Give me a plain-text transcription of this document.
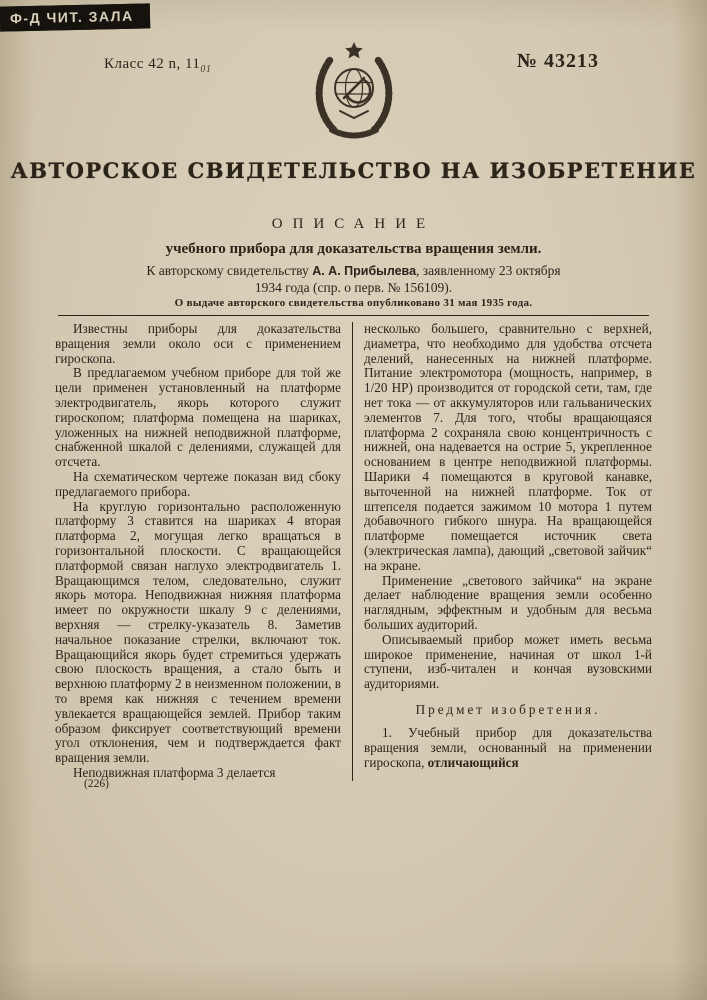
Ф-Д ЧИТ. ЗАЛА
Класс 42 n, $11_{01}$	№ 43213
АВТОРСКОЕ СВИДЕТЕЛЬСТВО НА ИЗОБРЕТЕНИЕ
ОПИСАНИЕ
учебного прибора для доказательства вращения земли.
К авторскому свидетельству А. А. Прибылева, заявленному 23 октября
1934 года (спр. о перв. № 156109).
О выдаче авторского свидетельства опубликовано 31 мая 1935 года.

Известны приборы для доказательства вращения земли около оси с применением гироскопа.

В предлагаемом учебном приборе для той же цели применен установленный на платформе электродвигатель, якорь которого служит гироскопом; платформа помещена на шариках, уложенных на нижней неподвижной платформе, снабженной шкалой с делениями, служащей для отсчета.

На схематическом чертеже показан вид сбоку предлагаемого прибора.

На круглую горизонтально расположенную платформу 3 ставится на шариках 4 вторая платформа 2, могущая легко вращаться в горизонтальной плоскости. С вращающейся платформой связан наглухо электродвигатель 1. Вращающимся телом, следовательно, служит якорь мотора. Неподвижная нижняя платформа имеет по окружности шкалу 9 с делениями, верхняя — стрелку-указатель 8. Заметив начальное показание стрелки, включают ток. Вращающийся якорь будет стремиться удержать свою плоскость вращения, а стало быть и верхнюю платформу 2 в неизменном положении, в то время как нижняя с течением времени увлекается вращающейся землей. Прибор таким образом фиксирует соответствующий времени угол отклонения, чем и подтверждается факт вращения земли.

Неподвижная платформа 3 делается

несколько большего, сравнительно с верхней, диаметра, что необходимо для удобства отсчета делений, нанесенных на нижней платформе. Питание электромотора (мощность, например, в 1/20 HP) производится от городской сети, там, где нет тока — от аккумуляторов или гальванических элементов 7. Для того, чтобы вращающаяся платформа 2 сохраняла свою концентричность с нижней, она надевается на острие 5, укрепленное основанием в центре неподвижной платформы. Шарики 4 помещаются в круговой канавке, выточенной на нижней платформе. Ток от штепселя подается зажимом 10 мотора 1 путем добавочного гибкого шнура. На вращающейся платформе помещается источник света (электрическая лампа), дающий „световой зайчик“ на экране.

Применение „светового зайчика“ на экране делает наблюдение вращения земли особенно наглядным, эффектным и удобным для весьма больших аудиторий.

Описываемый прибор может иметь весьма широкое применение, начиная от школ 1-й ступени, изб-читален и кончая вузовскими аудиториями.

Предмет изобретения.

1. Учебный прибор для доказательства вращения земли, основанный на применении гироскопа, отличающийся

(226)
